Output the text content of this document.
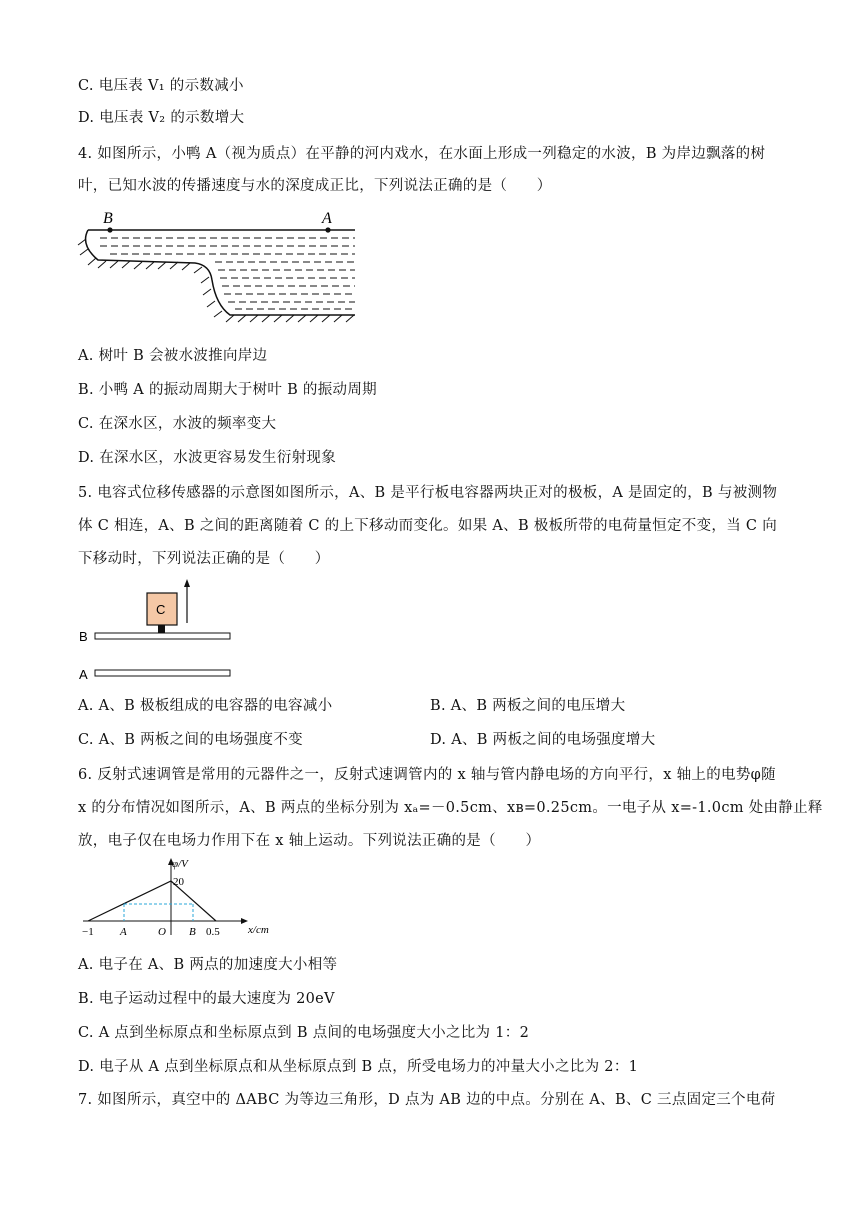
C. 电压表 V₁ 的示数减小
D. 电压表 V₂ 的示数增大
4. 如图所示，小鸭 A（视为质点）在平静的河内戏水，在水面上形成一列稳定的水波，B 为岸边飘落的树
叶，已知水波的传播速度与水的深度成正比，下列说法正确的是（　　）
B	A
A. 树叶 B 会被水波推向岸边
B. 小鸭 A 的振动周期大于树叶 B 的振动周期
C. 在深水区，水波的频率变大
D. 在深水区，水波更容易发生衍射现象
5. 电容式位移传感器的示意图如图所示，A、B 是平行板电容器两块正对的极板，A 是固定的，B 与被测物
体 C 相连，A、B 之间的距离随着 C 的上下移动而变化。如果 A、B 极板所带的电荷量恒定不变，当 C 向
下移动时，下列说法正确的是（　　）
C
B
A
A. A、B 极板组成的电容器的电容减小	B. A、B 两板之间的电压增大
C. A、B 两板之间的电场强度不变	D. A、B 两板之间的电场强度增大
6. 反射式速调管是常用的元器件之一，反射式速调管内的 x 轴与管内静电场的方向平行，x 轴上的电势φ随
x 的分布情况如图所示，A、B 两点的坐标分别为 xₐ=－0.5cm、xʙ=0.25cm。一电子从 x=-1.0cm 处由静止释
放，电子仅在电场力作用下在 x 轴上运动。下列说法正确的是（　　）
φ/V
20
x/cm
−1 A	O B 0.5
A. 电子在 A、B 两点的加速度大小相等
B. 电子运动过程中的最大速度为 20eV
C. A 点到坐标原点和坐标原点到 B 点间的电场强度大小之比为 1：2
D. 电子从 A 点到坐标原点和从坐标原点到 B 点，所受电场力的冲量大小之比为 2：1
7. 如图所示，真空中的 ΔABC 为等边三角形，D 点为 AB 边的中点。分别在 A、B、C 三点固定三个电荷
